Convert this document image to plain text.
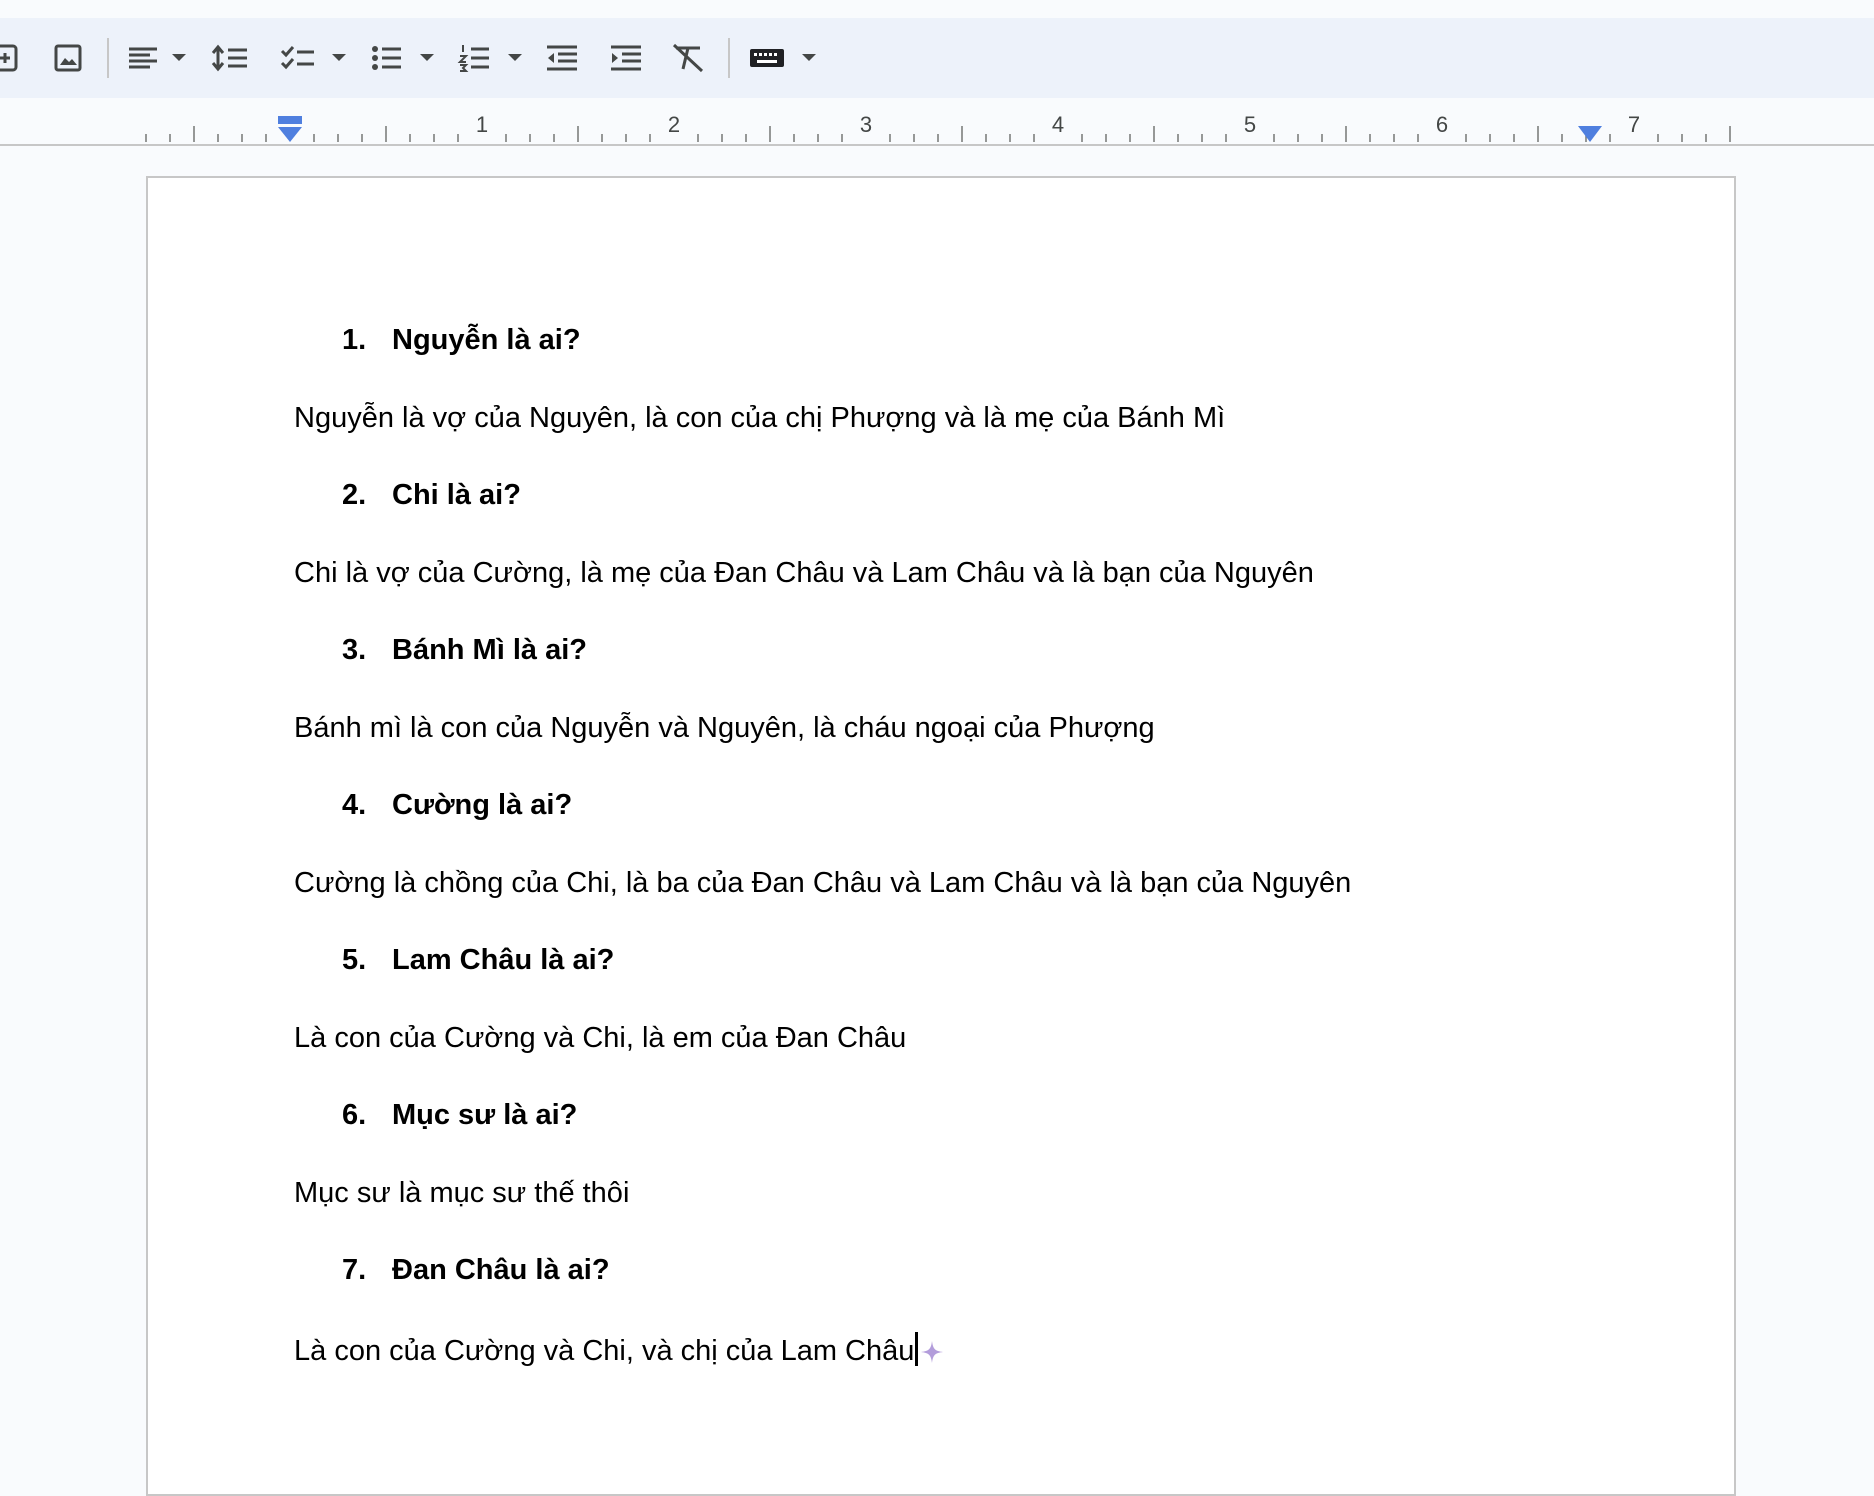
1	2	3	4	5	6	7
1. Nguyễn là ai?
Nguyễn là vợ của Nguyên, là con của chị Phượng và là mẹ của Bánh Mì
2. Chi là ai?
Chi là vợ của Cường, là mẹ của Đan Châu và Lam Châu và là bạn của Nguyên
3. Bánh Mì là ai?
Bánh mì là con của Nguyễn và Nguyên, là cháu ngoại của Phượng
4. Cường là ai?
Cường là chồng của Chi, là ba của Đan Châu và Lam Châu và là bạn của Nguyên
5. Lam Châu là ai?
Là con của Cường và Chi, là em của Đan Châu
6. Mục sư là ai?
Mục sư là mục sư thế thôi
7. Đan Châu là ai?
Là con của Cường và Chi, và chị của Lam Châu
